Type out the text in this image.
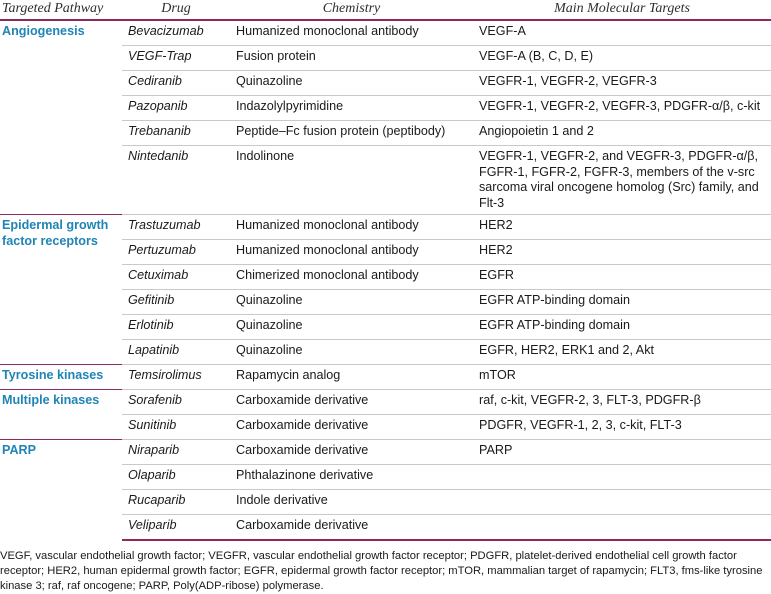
Targeted Pathway	Drug	Chemistry	Main Molecular Targets
Angiogenesis	Bevacizumab	Humanized monoclonal antibody	VEGF-A
	VEGF-Trap	Fusion protein	VEGF-A (B, C, D, E)
	Cediranib	Quinazoline	VEGFR-1, VEGFR-2, VEGFR-3
	Pazopanib	Indazolylpyrimidine	VEGFR-1, VEGFR-2, VEGFR-3, PDGFR-α/β, c-kit
	Trebananib	Peptide–Fc fusion protein (peptibody)	Angiopoietin 1 and 2
	Nintedanib	Indolinone	VEGFR-1, VEGFR-2, and VEGFR-3, PDGFR-α/β, FGFR-1, FGFR-2, FGFR-3, members of the v-src sarcoma viral oncogene homolog (Src) family, and Flt-3
Epidermal growth factor receptors	Trastuzumab	Humanized monoclonal antibody	HER2
	Pertuzumab	Humanized monoclonal antibody	HER2
	Cetuximab	Chimerized monoclonal antibody	EGFR
	Gefitinib	Quinazoline	EGFR ATP-binding domain
	Erlotinib	Quinazoline	EGFR ATP-binding domain
	Lapatinib	Quinazoline	EGFR, HER2, ERK1 and 2, Akt
Tyrosine kinases	Temsirolimus	Rapamycin analog	mTOR
Multiple kinases	Sorafenib	Carboxamide derivative	raf, c-kit, VEGFR-2, 3, FLT-3, PDGFR-β
	Sunitinib	Carboxamide derivative	PDGFR, VEGFR-1, 2, 3, c-kit, FLT-3
PARP	Niraparib	Carboxamide derivative	PARP
	Olaparib	Phthalazinone derivative	
	Rucaparib	Indole derivative	
	Veliparib	Carboxamide derivative	
VEGF, vascular endothelial growth factor; VEGFR, vascular endothelial growth factor receptor; PDGFR, platelet-derived endothelial cell growth factor receptor; HER2, human epidermal growth factor; EGFR, epidermal growth factor receptor; mTOR, mammalian target of rapamycin; FLT3, fms-like tyrosine kinase 3; raf, raf oncogene; PARP, Poly(ADP-ribose) polymerase.
